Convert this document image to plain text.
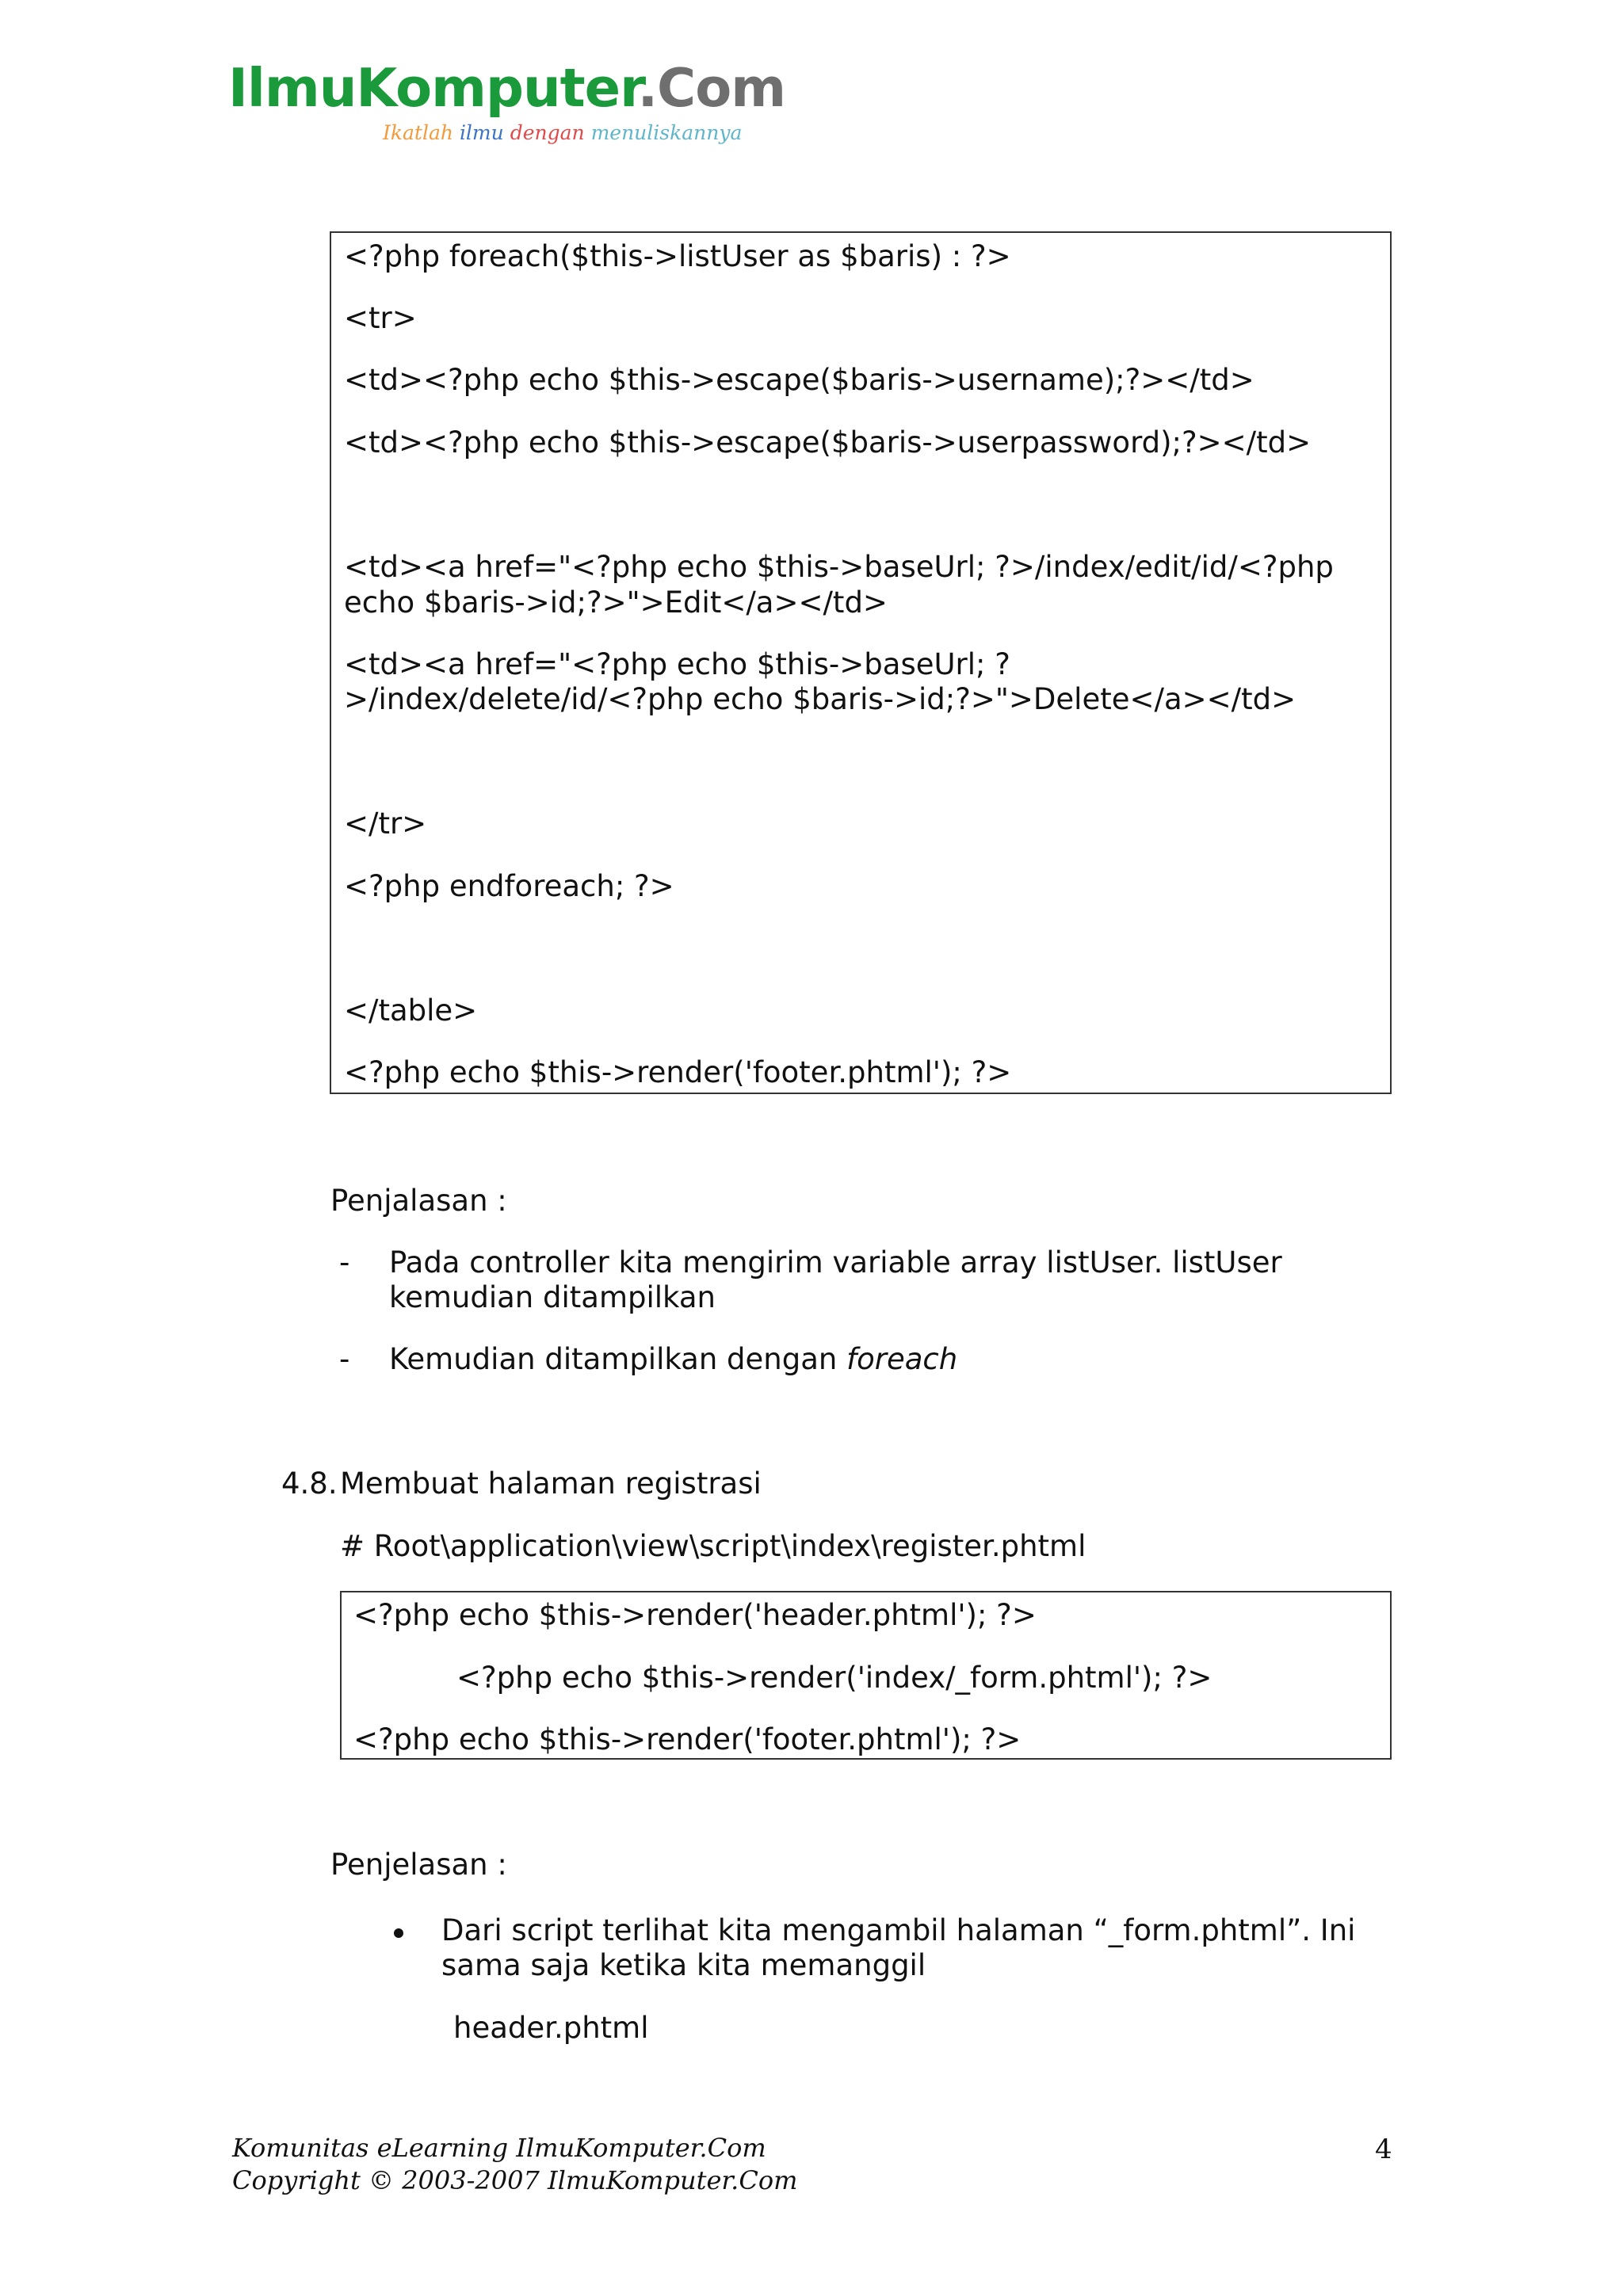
IlmuKomputer.Com
Ikatlah ilmu dengan menuliskannya
<?php foreach($this->listUser as $baris) : ?>
<tr>
<td><?php echo $this->escape($baris->username);?></td>
<td><?php echo $this->escape($baris->userpassword);?></td>
<td><a href="<?php echo $this->baseUrl; ?>/index/edit/id/<?php
echo $baris->id;?>">Edit</a></td>
<td><a href="<?php echo $this->baseUrl; ?
>/index/delete/id/<?php echo $baris->id;?>">Delete</a></td>
</tr>
<?php endforeach; ?>
</table>
<?php echo $this->render('footer.phtml'); ?>
Penjalasan :
- Pada controller kita mengirim variable array listUser. listUser
kemudian ditampilkan
- Kemudian ditampilkan dengan foreach
4.8. Membuat halaman registrasi
# Root\application\view\script\index\register.phtml
<?php echo $this->render('header.phtml'); ?>
<?php echo $this->render('index/_form.phtml'); ?>
<?php echo $this->render('footer.phtml'); ?>
Penjelasan :
Dari script terlihat kita mengambil halaman “_form.phtml”. Ini
sama saja ketika kita memanggil
header.phtml
Komunitas eLearning IlmuKomputer.Com
Copyright © 2003-2007 IlmuKomputer.Com
4
